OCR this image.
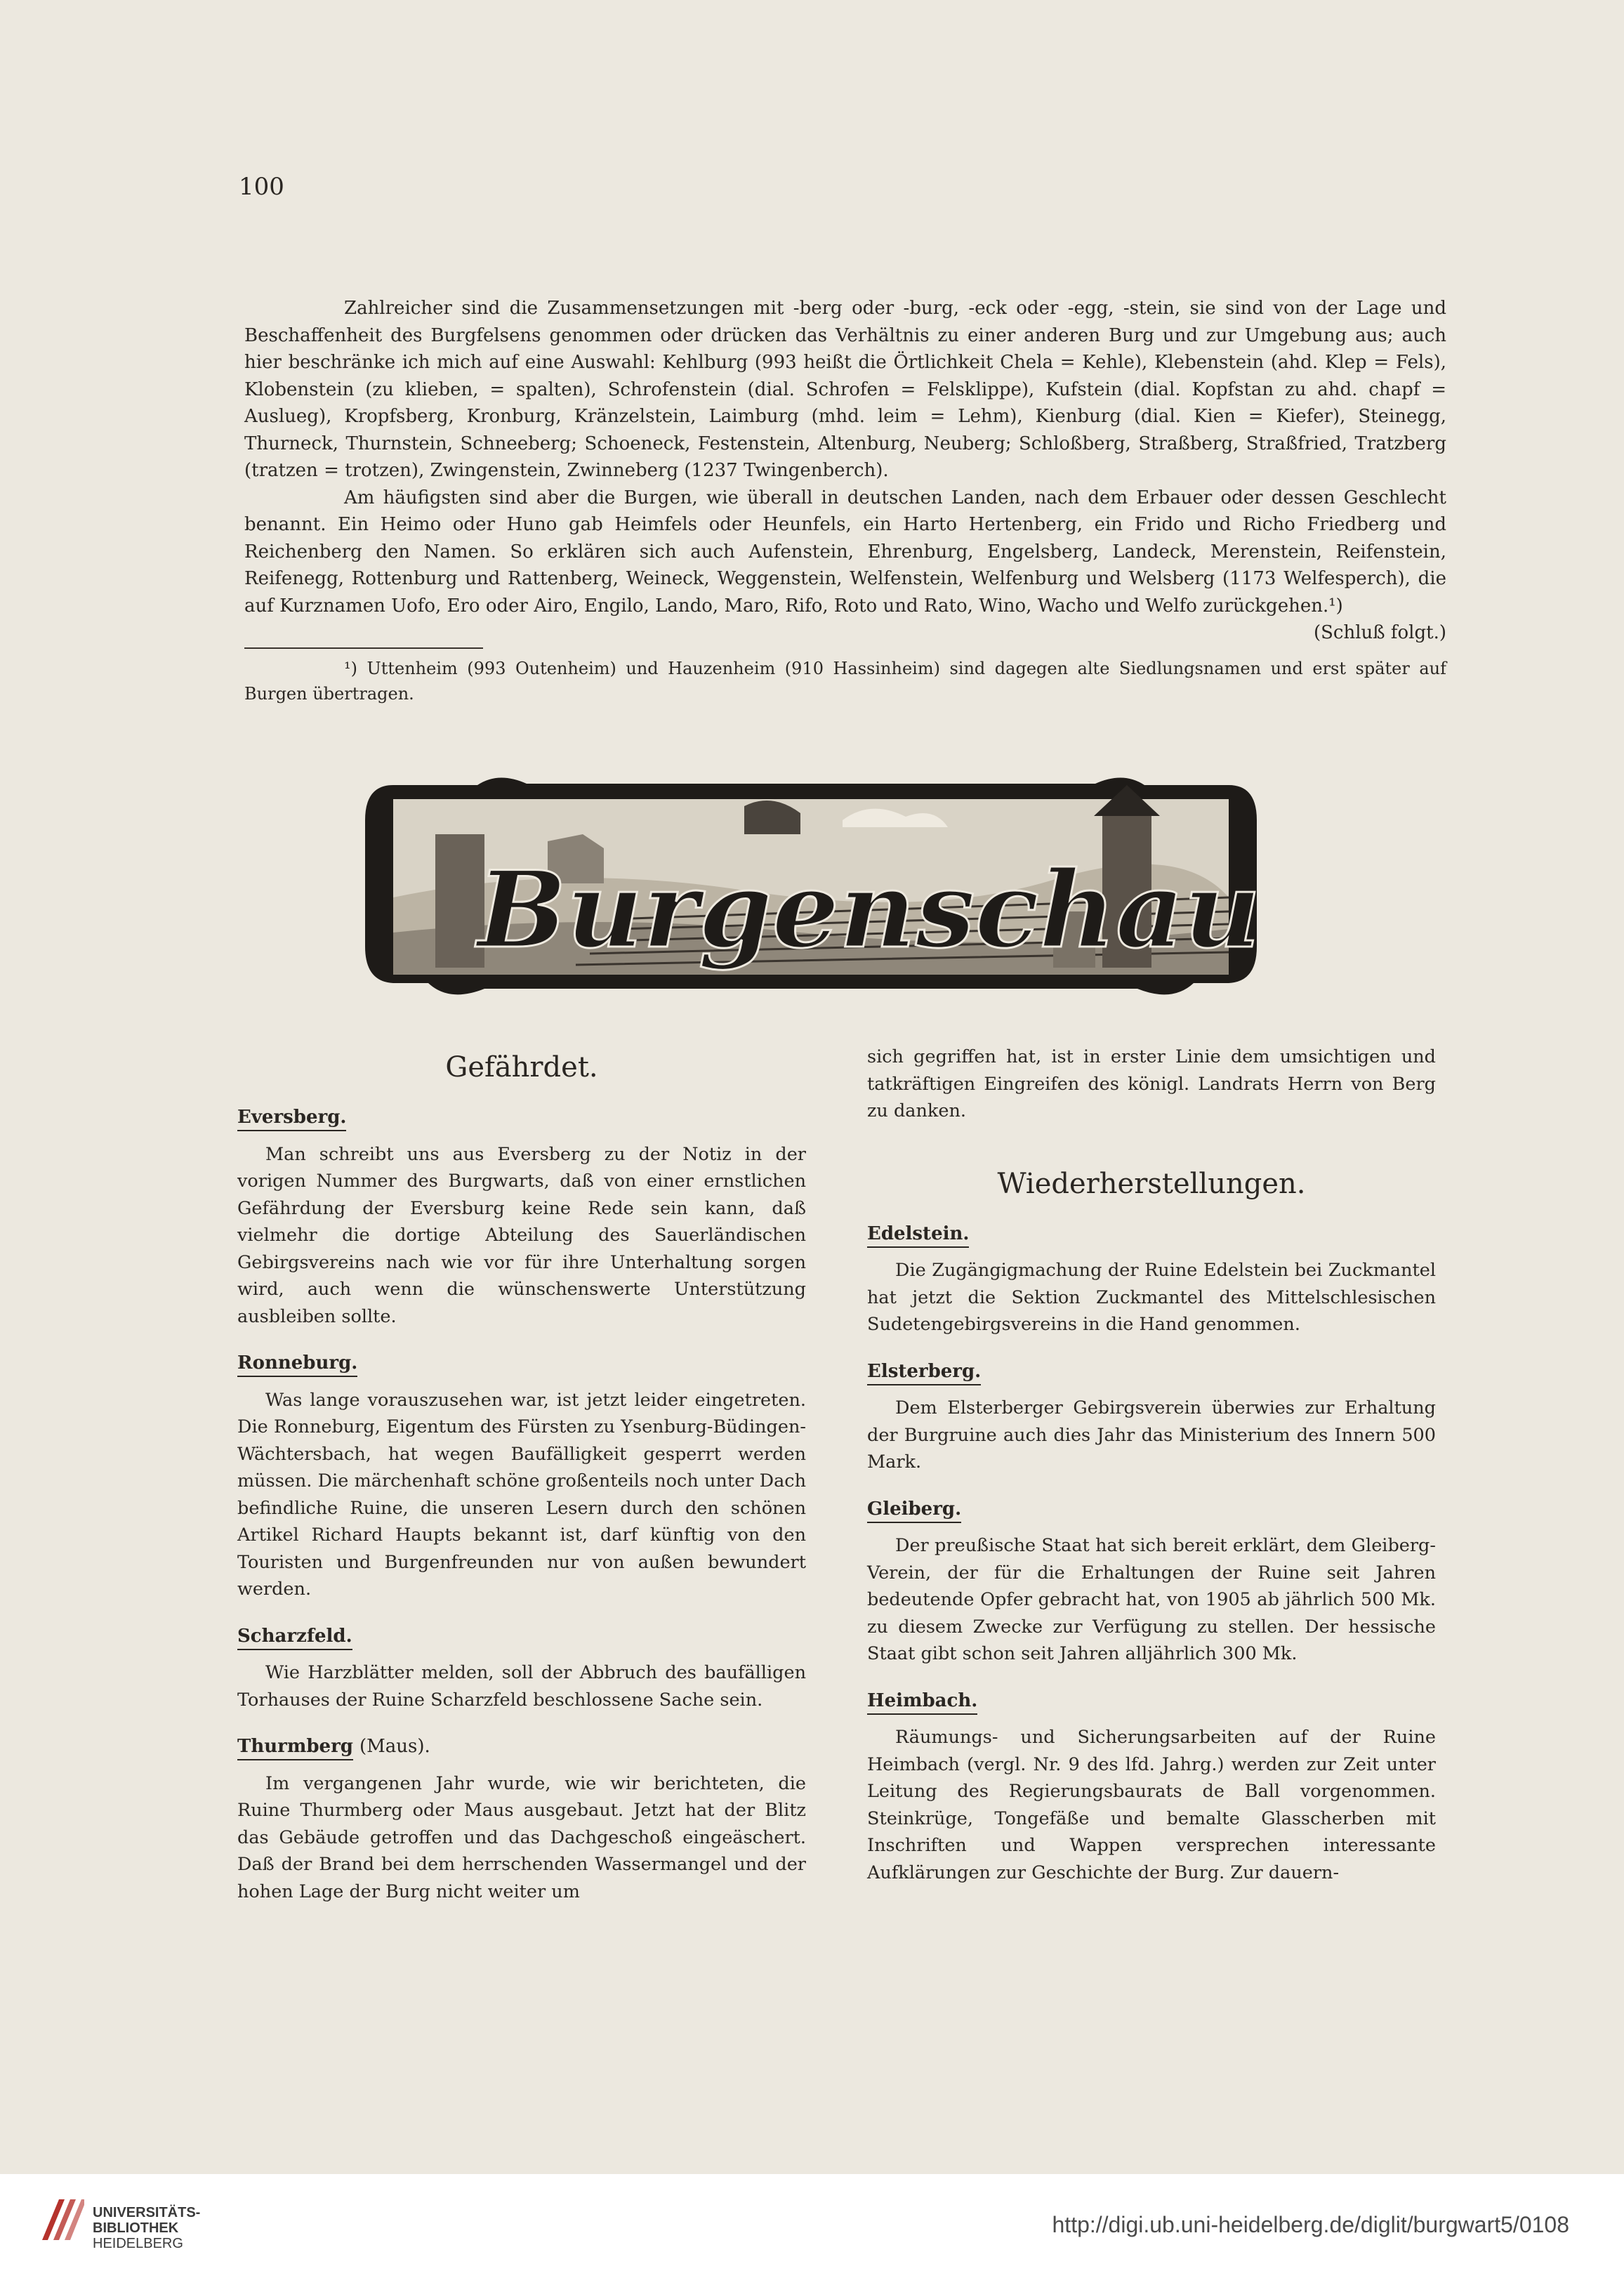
100

Zahlreicher sind die Zusammensetzungen mit -berg oder -burg, -eck oder -egg, -stein, sie sind von der Lage und Beschaffenheit des Burgfelsens genommen oder drücken das Verhältnis zu einer anderen Burg und zur Umgebung aus; auch hier beschränke ich mich auf eine Auswahl: Kehlburg (993 heißt die Örtlichkeit Chela = Kehle), Klebenstein (ahd. Klep = Fels), Klobenstein (zu klieben, = spalten), Schrofenstein (dial. Schrofen = Felsklippe), Kufstein (dial. Kopfstan zu ahd. chapf = Auslueg), Kropfsberg, Kronburg, Kränzelstein, Laimburg (mhd. leim = Lehm), Kienburg (dial. Kien = Kiefer), Steinegg, Thurneck, Thurnstein, Schneeberg; Schoeneck, Festenstein, Altenburg, Neuberg; Schloßberg, Straßberg, Straßfried, Tratzberg (tratzen = trotzen), Zwingenstein, Zwinneberg (1237 Twingenberch).

Am häufigsten sind aber die Burgen, wie überall in deutschen Landen, nach dem Erbauer oder dessen Geschlecht benannt. Ein Heimo oder Huno gab Heimfels oder Heunfels, ein Harto Hertenberg, ein Frido und Richo Friedberg und Reichenberg den Namen. So erklären sich auch Aufenstein, Ehrenburg, Engelsberg, Landeck, Merenstein, Reifenstein, Reifenegg, Rottenburg und Rattenberg, Weineck, Weggenstein, Welfenstein, Welfenburg und Welsberg (1173 Welfesperch), die auf Kurznamen Uofo, Ero oder Airo, Engilo, Lando, Maro, Rifo, Roto und Rato, Wino, Wacho und Welfo zurückgehen.¹)
(Schluß folgt.)

¹) Uttenheim (993 Outenheim) und Hauzenheim (910 Hassinheim) sind dagegen alte Siedlungsnamen und erst später auf Burgen übertragen.

Burgenschau
Gefährdet.
Eversberg.

Man schreibt uns aus Eversberg zu der Notiz in der vorigen Nummer des Burgwarts, daß von einer ernstlichen Gefährdung der Eversburg keine Rede sein kann, daß vielmehr die dortige Abteilung des Sauerländischen Gebirgsvereins nach wie vor für ihre Unterhaltung sorgen wird, auch wenn die wünschenswerte Unterstützung ausbleiben sollte.

Ronneburg.

Was lange vorauszusehen war, ist jetzt leider eingetreten. Die Ronneburg, Eigentum des Fürsten zu Ysenburg-Büdingen-Wächtersbach, hat wegen Baufälligkeit gesperrt werden müssen. Die märchenhaft schöne großenteils noch unter Dach befindliche Ruine, die unseren Lesern durch den schönen Artikel Richard Haupts bekannt ist, darf künftig von den Touristen und Burgenfreunden nur von außen bewundert werden.

Scharzfeld.

Wie Harzblätter melden, soll der Abbruch des baufälligen Torhauses der Ruine Scharzfeld beschlossene Sache sein.

Thurmberg (Maus).

Im vergangenen Jahr wurde, wie wir berichteten, die Ruine Thurmberg oder Maus ausgebaut. Jetzt hat der Blitz das Gebäude getroffen und das Dachgeschoß eingeäschert. Daß der Brand bei dem herrschenden Wassermangel und der hohen Lage der Burg nicht weiter um

sich gegriffen hat, ist in erster Linie dem umsichtigen und tatkräftigen Eingreifen des königl. Landrats Herrn von Berg zu danken.

Wiederherstellungen.
Edelstein.

Die Zugängigmachung der Ruine Edelstein bei Zuckmantel hat jetzt die Sektion Zuckmantel des Mittelschlesischen Sudetengebirgsvereins in die Hand genommen.

Elsterberg.

Dem Elsterberger Gebirgsverein überwies zur Erhaltung der Burgruine auch dies Jahr das Ministerium des Innern 500 Mark.

Gleiberg.

Der preußische Staat hat sich bereit erklärt, dem Gleiberg-Verein, der für die Erhaltungen der Ruine seit Jahren bedeutende Opfer gebracht hat, von 1905 ab jährlich 500 Mk. zu diesem Zwecke zur Verfügung zu stellen. Der hessische Staat gibt schon seit Jahren alljährlich 300 Mk.

Heimbach.

Räumungs- und Sicherungsarbeiten auf der Ruine Heimbach (vergl. Nr. 9 des lfd. Jahrg.) werden zur Zeit unter Leitung des Regierungsbaurats de Ball vorgenommen. Steinkrüge, Tongefäße und bemalte Glasscherben mit Inschriften und Wappen versprechen interessante Aufklärungen zur Geschichte der Burg. Zur dauern-

UNIVERSITÄTS-
BIBLIOTHEK
HEIDELBERG
http://digi.ub.uni-heidelberg.de/diglit/burgwart5/0108
